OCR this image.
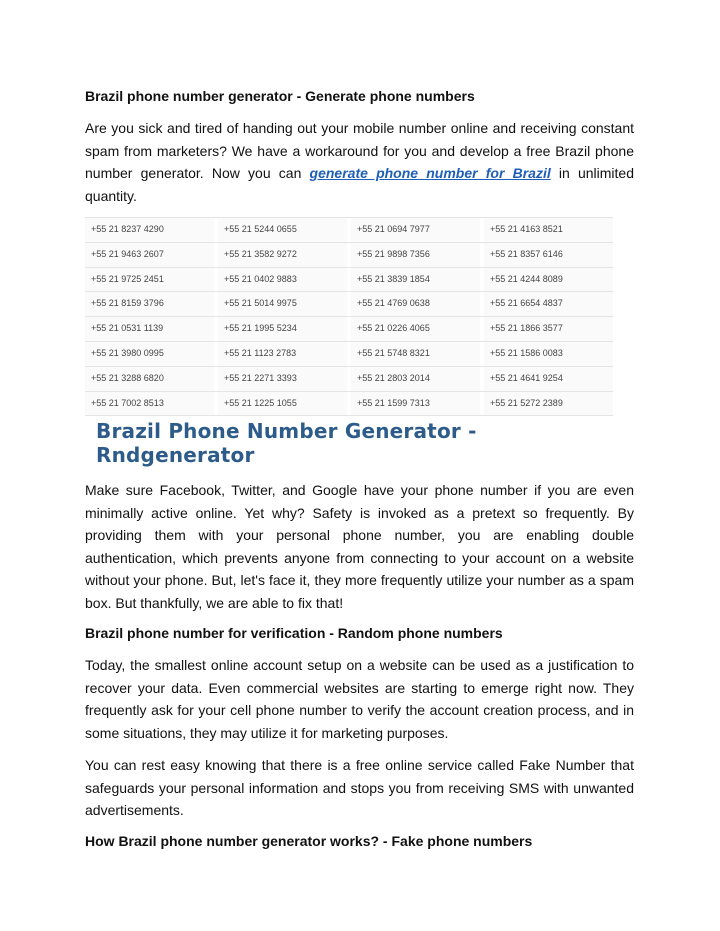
Brazil phone number generator - Generate phone numbers

Are you sick and tired of handing out your mobile number online and receiving constant spam from marketers? We have a workaround for you and develop a free Brazil phone number generator. Now you can generate phone number for Brazil in unlimited quantity.

+55 21 8237 4290	+55 21 5244 0655	+55 21 0694 7977	+55 21 4163 8521
+55 21 9463 2607	+55 21 3582 9272	+55 21 9898 7356	+55 21 8357 6146
+55 21 9725 2451	+55 21 0402 9883	+55 21 3839 1854	+55 21 4244 8089
+55 21 8159 3796	+55 21 5014 9975	+55 21 4769 0638	+55 21 6654 4837
+55 21 0531 1139	+55 21 1995 5234	+55 21 0226 4065	+55 21 1866 3577
+55 21 3980 0995	+55 21 1123 2783	+55 21 5748 8321	+55 21 1586 0083
+55 21 3288 6820	+55 21 2271 3393	+55 21 2803 2014	+55 21 4641 9254
+55 21 7002 8513	+55 21 1225 1055	+55 21 1599 7313	+55 21 5272 2389
Brazil Phone Number Generator - Rndgenerator

Make sure Facebook, Twitter, and Google have your phone number if you are even minimally active online. Yet why? Safety is invoked as a pretext so frequently. By providing them with your personal phone number, you are enabling double authentication, which prevents anyone from connecting to your account on a website without your phone. But, let's face it, they more frequently utilize your number as a spam box. But thankfully, we are able to fix that!

Brazil phone number for verification - Random phone numbers

Today, the smallest online account setup on a website can be used as a justification to recover your data. Even commercial websites are starting to emerge right now. They frequently ask for your cell phone number to verify the account creation process, and in some situations, they may utilize it for marketing purposes.

You can rest easy knowing that there is a free online service called Fake Number that safeguards your personal information and stops you from receiving SMS with unwanted advertisements.

How Brazil phone number generator works? - Fake phone numbers
